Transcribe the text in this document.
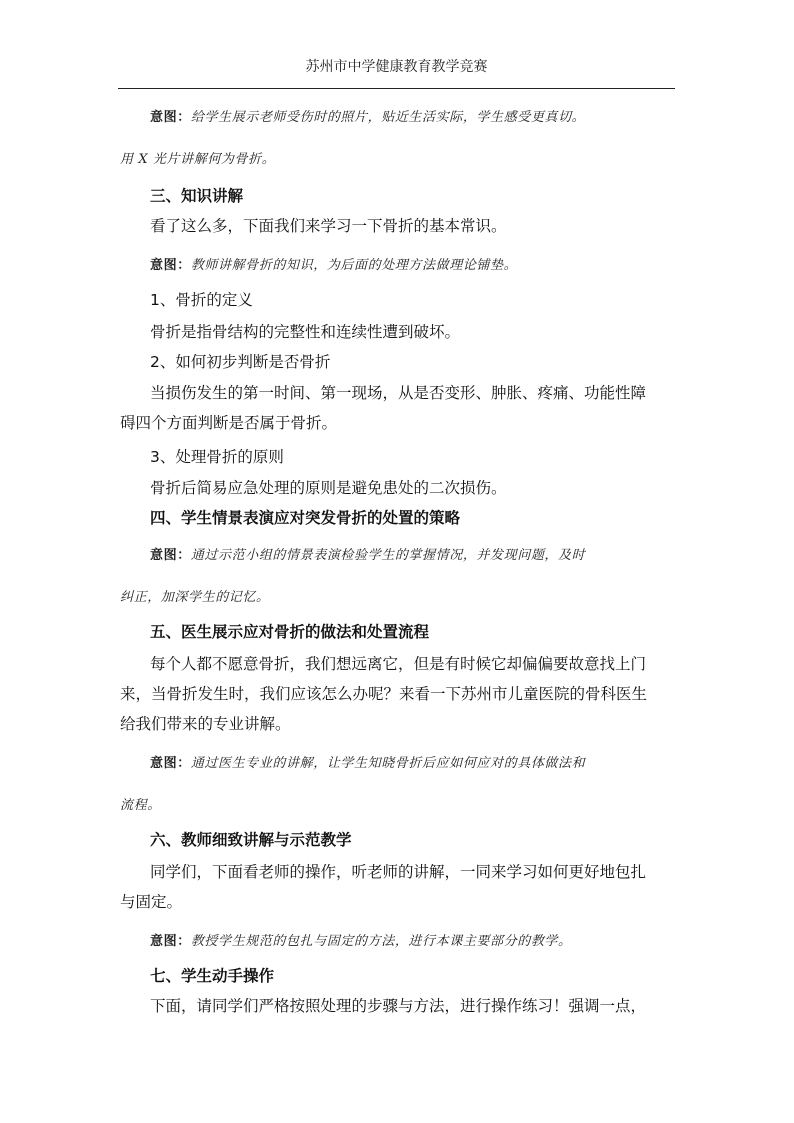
苏州市中学健康教育教学竞赛
意图：给学生展示老师受伤时的照片，贴近生活实际，学生感受更真切。
用 X 光片讲解何为骨折。
三、知识讲解
看了这么多，下面我们来学习一下骨折的基本常识。
意图：教师讲解骨折的知识，为后面的处理方法做理论铺垫。
1、骨折的定义
骨折是指骨结构的完整性和连续性遭到破坏。
2、如何初步判断是否骨折
当损伤发生的第一时间、第一现场，从是否变形、肿胀、疼痛、功能性障
碍四个方面判断是否属于骨折。
3、处理骨折的原则
骨折后简易应急处理的原则是避免患处的二次损伤。
四、学生情景表演应对突发骨折的处置的策略
意图：通过示范小组的情景表演检验学生的掌握情况，并发现问题，及时
纠正，加深学生的记忆。
五、医生展示应对骨折的做法和处置流程
每个人都不愿意骨折，我们想远离它，但是有时候它却偏偏要故意找上门
来，当骨折发生时，我们应该怎么办呢？来看一下苏州市儿童医院的骨科医生
给我们带来的专业讲解。
意图：通过医生专业的讲解，让学生知晓骨折后应如何应对的具体做法和
流程。
六、教师细致讲解与示范教学
同学们，下面看老师的操作，听老师的讲解，一同来学习如何更好地包扎
与固定。
意图：教授学生规范的包扎与固定的方法，进行本课主要部分的教学。
七、学生动手操作
下面，请同学们严格按照处理的步骤与方法，进行操作练习！强调一点，
